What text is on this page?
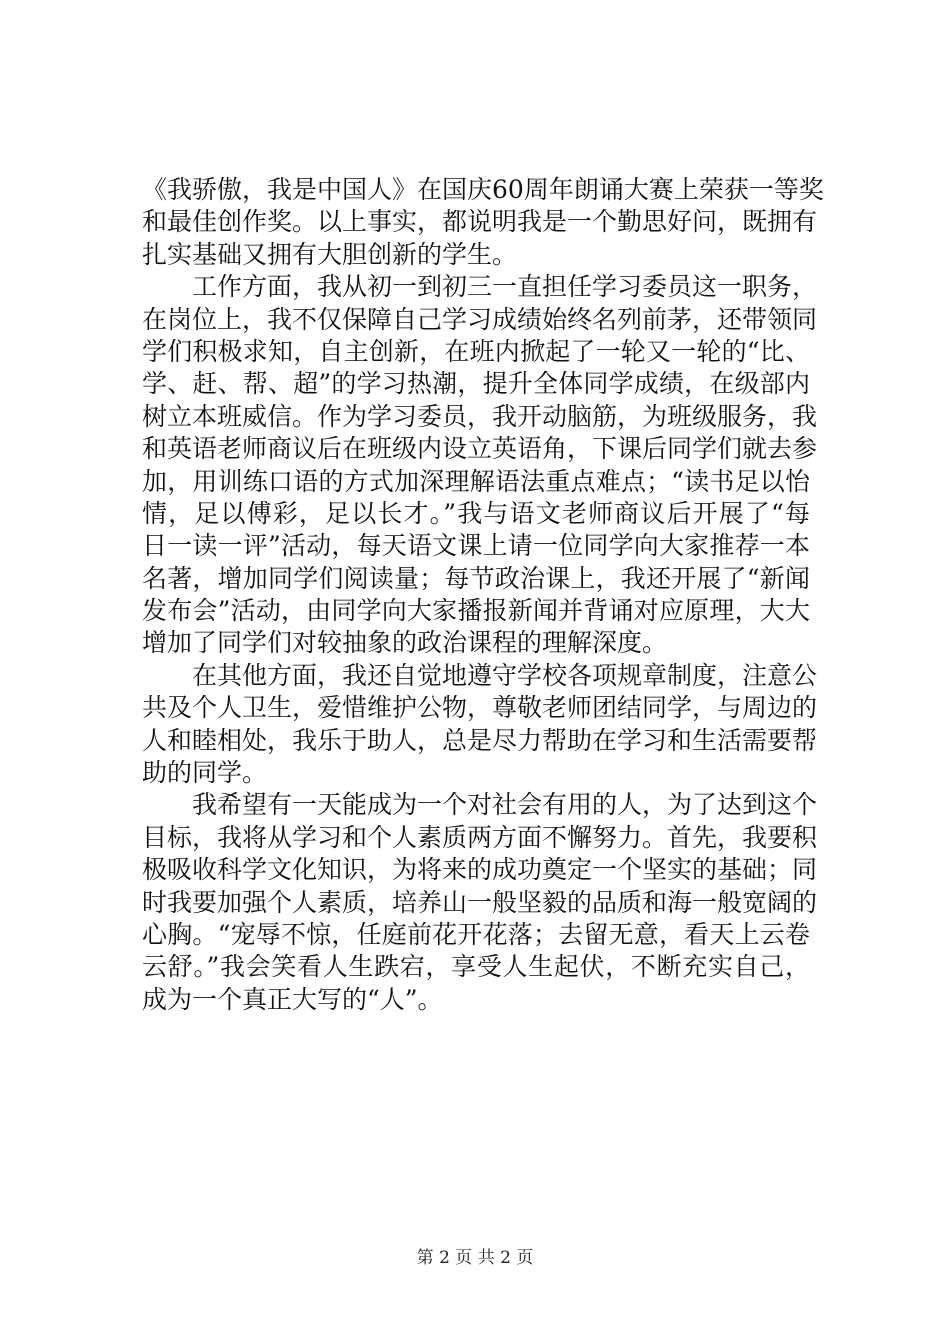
《我骄傲，我是中国人》在国庆60周年朗诵大赛上荣获一等奖
和最佳创作奖。以上事实，都说明我是一个勤思好问，既拥有
扎实基础又拥有大胆创新的学生。
　　工作方面，我从初一到初三一直担任学习委员这一职务，
在岗位上，我不仅保障自己学习成绩始终名列前茅，还带领同
学们积极求知，自主创新，在班内掀起了一轮又一轮的“比、
学、赶、帮、超”的学习热潮，提升全体同学成绩，在级部内
树立本班威信。作为学习委员，我开动脑筋，为班级服务，我
和英语老师商议后在班级内设立英语角，下课后同学们就去参
加，用训练口语的方式加深理解语法重点难点；“读书足以怡
情，足以傅彩，足以长才。”我与语文老师商议后开展了“每
日一读一评”活动，每天语文课上请一位同学向大家推荐一本
名著，增加同学们阅读量；每节政治课上，我还开展了“新闻
发布会”活动，由同学向大家播报新闻并背诵对应原理，大大
增加了同学们对较抽象的政治课程的理解深度。
　　在其他方面，我还自觉地遵守学校各项规章制度，注意公
共及个人卫生，爱惜维护公物，尊敬老师团结同学，与周边的
人和睦相处，我乐于助人，总是尽力帮助在学习和生活需要帮
助的同学。
　　我希望有一天能成为一个对社会有用的人，为了达到这个
目标，我将从学习和个人素质两方面不懈努力。首先，我要积
极吸收科学文化知识，为将来的成功奠定一个坚实的基础；同
时我要加强个人素质，培养山一般坚毅的品质和海一般宽阔的
心胸。“宠辱不惊，任庭前花开花落；去留无意，看天上云卷
云舒。”我会笑看人生跌宕，享受人生起伏，不断充实自己，
成为一个真正大写的“人”。
第 2 页 共 2 页
